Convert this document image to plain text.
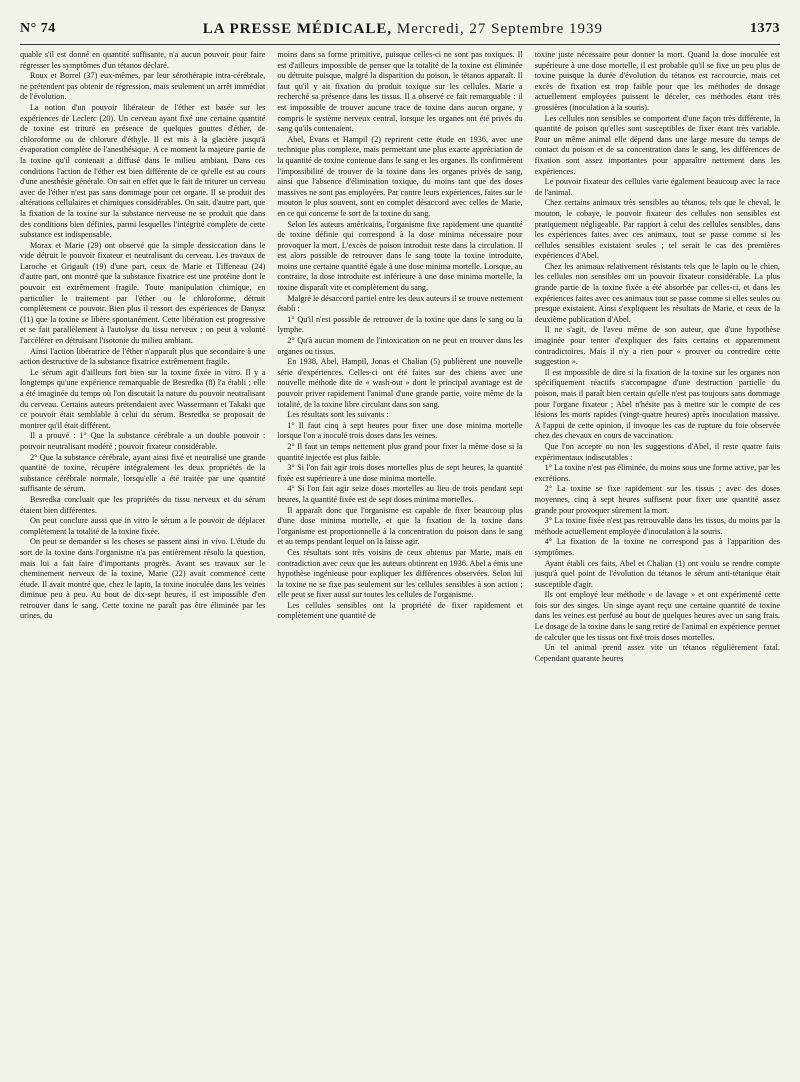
N° 74	LA PRESSE MÉDICALE, Mercredi, 27 Septembre 1939	1373

quable s'il est donné en quantité suffisante, n'a aucun pouvoir pour faire régresser les symptômes d'un tétanos déclaré.

Roux et Borrel (37) eux-mêmes, par leur sérothérapie intra-cérébrale, ne prétendent pas obtenir de régression, mais seulement un arrêt immédiat de l'évolution.

La notion d'un pouvoir libérateur de l'éther est basée sur les expériences de Leclerc (20). Un cerveau ayant fixé une certaine quantité de toxine est trituré en présence de quelques gouttes d'éther, de chloroforme ou de chlorure d'éthyle. Il est mis à la glacière jusqu'à évaporation complète de l'anesthésique. A ce moment la majeure partie de la toxine qu'il contenait a diffusé dans le milieu ambiant. Dans ces conditions l'action de l'éther est bien différente de ce qu'elle est au cours d'une anesthésie générale. On sait en effet que le fait de triturer un cerveau avec de l'éther n'est pas sans dommage pour cet organe. Il se produit des altérations cellulaires et chimiques considérables. On sait, d'autre part, que la fixation de la toxine sur la substance nerveuse ne se produit que dans des conditions bien définies, parmi lesquelles l'intégrité complète de cette substance est indispensable.

Morax et Marie (29) ont observé que la simple dessiccation dans le vide détruit le pouvoir fixateur et neutralisant du cerveau. Les travaux de Laroche et Grigault (19) d'une part, ceux de Marie et Tiffeneau (24) d'autre part, ont montré que la substance fixatrice est une protéine dont le pouvoir est extrêmement fragile. Toute manipulation chimique, en particulier le traitement par l'éther ou le chloroforme, détruit complètement ce pouvoir. Bien plus il ressort des expériences de Danysz (11) que la toxine se libère spontanément. Cette libération est progressive et se fait parallèlement à l'autolyse du tissu nerveux ; on peut à volonté l'accélérer en détruisant l'isotonie du milieu ambiant.

Ainsi l'action libératrice de l'éther n'apparaît plus que secondaire à une action destructive de la substance fixatrice extrêmement fragile.

Le sérum agit d'ailleurs fort bien sur la toxine fixée in vitro. Il y a longtemps qu'une expérience remarquable de Besredka (8) l'a établi ; elle a été imaginée du temps où l'on discutait la nature du pouvoir neutralisant du cerveau. Certains auteurs prétendaient avec Wassermann et Takaki que ce pouvoir était semblable à celui du sérum. Besredka se proposait de montrer qu'il était différent.

Il a prouvé : 1° Que la substance cérébrale a un double pouvoir : pouvoir neutralisant modéré ; pouvoir fixateur considérable.

2° Que la substance cérébrale, ayant ainsi fixé et neutralisé une grande quantité de toxine, récupère intégralement les deux propriétés de la substance cérébrale normale, lorsqu'elle a été traitée par une quantité suffisante de sérum.

Besredka concluait que les propriétés du tissu nerveux et du sérum étaient bien différentes.

On peut conclure aussi que in vitro le sérum a le pouvoir de déplacer complètement la totalité de la toxine fixée.

On peut se demander si les choses se passent ainsi in vivo. L'étude du sort de la toxine dans l'organisme n'a pas entièrement résolu la question, mais lui a fait faire d'importants progrès. Avant ses travaux sur le cheminement nerveux de la toxine, Marie (22) avait commencé cette étude. Il avait montré que, chez le lapin, la toxine inoculée dans les veines diminue peu à peu. Au bout de dix-sept heures, il est impossible d'en retrouver dans le sang. Cette toxine ne paraît pas être éliminée par les urines, du

moins dans sa forme primitive, puisque celles-ci ne sont pas toxiques. Il est d'ailleurs impossible de penser que la totalité de la toxine est éliminée ou détruite puisque, malgré la disparition du poison, le tétanos apparaît. Il faut qu'il y ait fixation du produit toxique sur les cellules. Marie a recherché sa présence dans les tissus. Il a observé ce fait remarquable : il est impossible de trouver aucune trace de toxine dans aucun organe, y compris le système nerveux central, lorsque les organes ont été privés du sang qu'ils contenaient.

Abel, Evans et Hampil (2) reprirent cette étude en 1936, avec une technique plus complexe, mais permettant une plus exacte appréciation de la quantité de toxine contenue dans le sang et les organes. Ils confirmèrent l'impossibilité de trouver de la toxine dans les organes privés de sang, ainsi que l'absence d'élimination toxique, du moins tant que des doses massives ne sont pas employées. Par contre leurs expériences, faites sur le mouton le plus souvent, sont en complet désaccord avec celles de Marie, en ce qui concerne le sort de la toxine du sang.

Selon les auteurs américains, l'organisme fixe rapidement une quantité de toxine définie qui correspond à la dose minima nécessaire pour provoquer la mort. L'excès de poison introduit reste dans la circulation. Il est alors possible de retrouver dans le sang toute la toxine introduite, moins une certaine quantité égale à une dose minima mortelle. Lorsque, au contraire, la dose introduite est inférieure à une dose minima mortelle, la toxine disparaît vite et complètement du sang.

Malgré le désaccord partiel entre les deux auteurs il se trouve nettement établi :

1° Qu'il n'est possible de retrouver de la toxine que dans le sang ou la lymphe.

2° Qu'à aucun moment de l'intoxication on ne peut en trouver dans les organes ou tissus.

En 1938, Abel, Hampil, Jonas et Chalian (5) publièrent une nouvelle série d'expériences. Celles-ci ont été faites sur des chiens avec une nouvelle méthode dite de « wash-out » dont le principal avantage est de pouvoir priver rapidement l'animal d'une grande partie, voire même de la totalité, de la toxine libre circulant dans son sang.

Les résultats sont les suivants :

1° Il faut cinq à sept heures pour fixer une dose minima mortelle lorsque l'on a inoculé trois doses dans les veines.

2° Il faut un temps nettement plus grand pour fixer la même dose si la quantité injectée est plus faible.

3° Si l'on fait agir trois doses mortelles plus de sept heures, la quantité fixée est supérieure à une dose minima mortelle.

4° Si l'on fait agir seize doses mortelles au lieu de trois pendant sept heures, la quantité fixée est de sept doses minima mortelles.

Il apparaît donc que l'organisme est capable de fixer beaucoup plus d'une dose minima mortelle, et que la fixation de la toxine dans l'organisme est proportionnelle à la concentration du poison dans le sang et au temps pendant lequel on la laisse agir.

Ces résultats sont très voisins de ceux obtenus par Marie, mais en contradiction avec ceux que les auteurs obtinrent en 1936. Abel a émis une hypothèse ingénieuse pour expliquer les différences observées. Selon lui la toxine ne se fixe pas seulement sur les cellules sensibles à son action ; elle peut se fixer aussi sur toutes les cellules de l'organisme.

Les cellules sensibles ont la propriété de fixer rapidement et complètement une quantité de

toxine juste nécessaire pour donner la mort. Quand la dose inoculée est supérieure à une dose mortelle, il est probable qu'il se fixe un peu plus de toxine puisque la durée d'évolution du tétanos est raccourcie, mais cet excès de fixation est trop faible pour que les méthodes de dosage actuellement employées puissent le déceler, ces méthodes étant très grossières (inoculation à la souris).

Les cellules non sensibles se comportent d'une façon très différente, la quantité de poison qu'elles sont susceptibles de fixer étant très variable. Pour un même animal elle dépend dans une large mesure du temps de contact du poison et de sa concentration dans le sang, les différences de fixation sont assez importantes pour apparaître nettement dans les expériences.

Le pouvoir fixateur des cellules varie également beaucoup avec la race de l'animal.

Chez certains animaux très sensibles au tétanos, tels que le cheval, le mouton, le cobaye, le pouvoir fixateur des cellules non sensibles est pratiquement négligeable. Par rapport à celui des cellules sensibles, dans les expériences faites avec ces animaux, tout se passe comme si les cellules sensibles existaient seules ; tel serait le cas des premières expériences d'Abel.

Chez les animaux relativement résistants tels que le lapin ou le chien, les cellules non sensibles ont un pouvoir fixateur considérable. La plus grande partie de la toxine fixée a été absorbée par celles-ci, et dans les expériences faites avec ces animaux tout se passe comme si elles seules ou presque existaient. Ainsi s'expliquent les résultats de Marie, et ceux de la deuxième publication d'Abel.

Il ne s'agit, de l'aveu même de son auteur, que d'une hypothèse imaginée pour tenter d'expliquer des faits certains et apparemment contradictoires. Mais il n'y a rien pour « prouver ou contredire cette suggestion ».

Il est impossible de dire si la fixation de la toxine sur les organes non spécifiquement réactifs s'accompagne d'une destruction partielle du poison, mais il paraît bien certain qu'elle n'est pas toujours sans dommage pour l'organe fixateur ; Abel n'hésite pas à mettre sur le compte de ces lésions les morts rapides (vingt-quatre heures) après inoculation massive. A l'appui de cette opinion, il invoque les cas de rupture du foie observée chez des chevaux en cours de vaccination.

Que l'on accepte ou non les suggestions d'Abel, il reste quatre faits expérimentaux indiscutables :

1° La toxine n'est pas éliminée, du moins sous une forme active, par les excrétions.

2° La toxine se fixe rapidement sur les tissus ; avec des doses moyennes, cinq à sept heures suffisent pour fixer une quantité assez grande pour provoquer sûrement la mort.

3° La toxine fixée n'est pas retrouvable dans les tissus, du moins par la méthode actuellement employée d'inoculation à la souris.

4° La fixation de la toxine ne correspond pas à l'apparition des symptômes.

Ayant établi ces faits, Abel et Chalian (1) ont voulu se rendre compte jusqu'à quel point de l'évolution du tétanos le sérum anti-tétanique était susceptible d'agir.

Ils ont employé leur méthode « de lavage » et ont expérimenté cette fois sur des singes. Un singe ayant reçu une certaine quantité de toxine dans les veines est perfusé au bout de quelques heures avec un sang frais. Le dosage de la toxine dans le sang retiré de l'animal en expérience permet de calculer que les tissus ont fixé trois doses mortelles.

Un tel animal prend assez vite un tétanos régulièrement fatal. Cependant quarante heures
